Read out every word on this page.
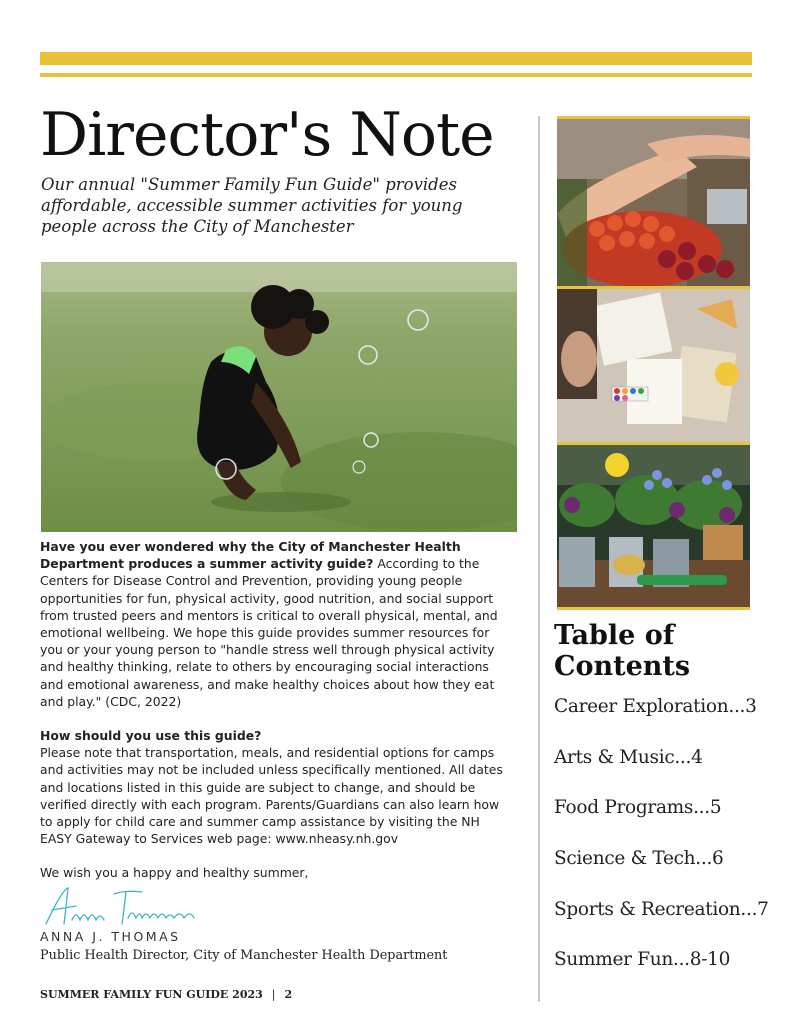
Director's Note
Our annual "Summer Family Fun Guide" provides affordable, accessible summer activities for young people across the City of Manchester

Have you ever wondered why the City of Manchester Health Department produces a summer activity guide? According to the Centers for Disease Control and Prevention, providing young people opportunities for fun, physical activity, good nutrition, and social support from trusted peers and mentors is critical to overall physical, mental, and emotional wellbeing. We hope this guide provides summer resources for you or your young person to "handle stress well through physical activity and healthy thinking, relate to others by encouraging social interactions and emotional awareness, and make healthy choices about how they eat and play." (CDC, 2022)

How should you use this guide?

Please note that transportation, meals, and residential options for camps and activities may not be included unless specifically mentioned. All dates and locations listed in this guide are subject to change, and should be verified directly with each program. Parents/Guardians can also learn how to apply for child care and summer camp assistance by visiting the NH EASY Gateway to Services web page: www.nheasy.nh.gov

We wish you a happy and healthy summer,

ANNA J. THOMAS
Public Health Director, City of Manchester Health Department
SUMMER FAMILY FUN GUIDE 2023 | 2
Table of Contents
Career Exploration...3
Arts & Music...4
Food Programs...5
Science & Tech...6
Sports & Recreation...7
Summer Fun...8-10
